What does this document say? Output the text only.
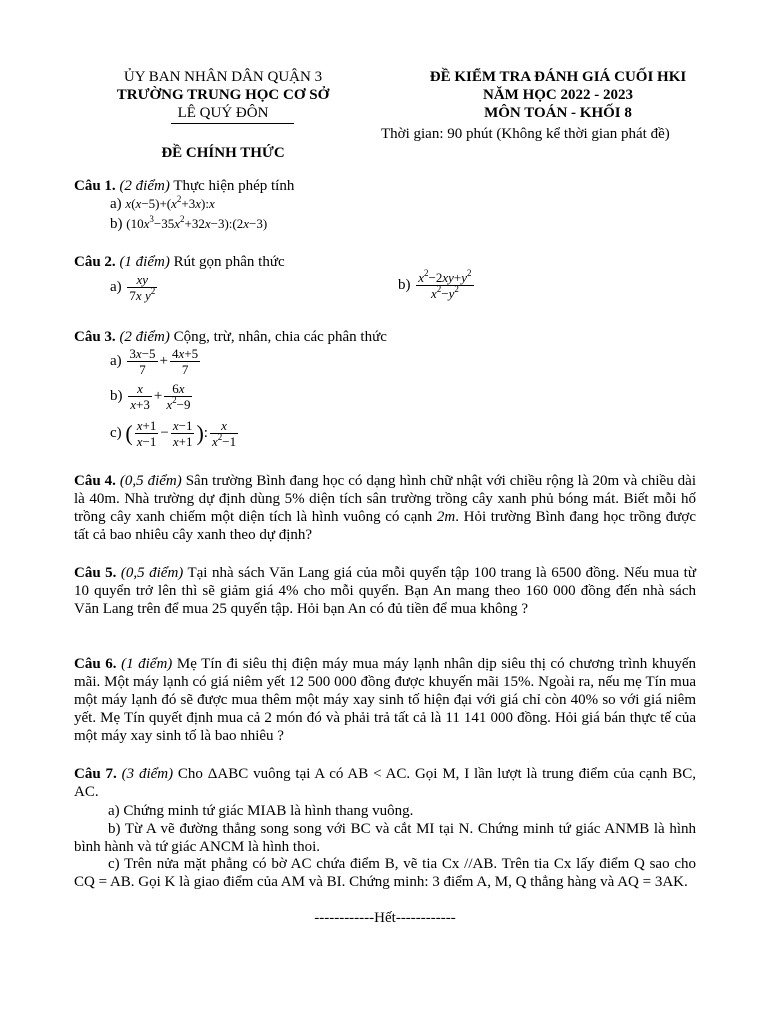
ỦY BAN NHÂN DÂN QUẬN 3
TRƯỜNG TRUNG HỌC CƠ SỞ
LÊ QUÝ ĐÔN
ĐỀ CHÍNH THỨC
ĐỀ KIỂM TRA ĐÁNH GIÁ CUỐI HKI
NĂM HỌC 2022 - 2023
MÔN TOÁN - KHỐI 8
Thời gian: 90 phút (Không kể thời gian phát đề)
Câu 1. (2 điểm) Thực hiện phép tính
a) $x(x-5)+(x^2+3x):x$
b) $(10x^3-35x^2+32x-3):(2x-3)$
Câu 2. (1 điểm) Rút gọn phân thức
$a) \frac{xy}{7x y^2}$	$b) \frac{x^2-2xy+y^2}{x^2-y^2}$
Câu 3. (2 điểm) Cộng, trừ, nhân, chia các phân thức
$a) \frac{3x-5}{7} + \frac{4x+5}{7}$
$b) \frac{x}{x+3} + \frac{6x}{x^2-9}$
c) ( $\frac{x+1}{x-1} - \frac{x-1}{x+1}$ ): $\frac{x}{x^2-1}$
Câu 4. (0,5 điểm) Sân trường Bình đang học có dạng hình chữ nhật với chiều rộng là 20m và chiều dài là 40m. Nhà trường dự định dùng 5% diện tích sân trường trồng cây xanh phủ bóng mát. Biết mỗi hố trồng cây xanh chiếm một diện tích là hình vuông có cạnh 2m. Hỏi trường Bình đang học trồng được tất cả bao nhiêu cây xanh theo dự định?
Câu 5. (0,5 điểm) Tại nhà sách Văn Lang giá của mỗi quyển tập 100 trang là 6500 đồng. Nếu mua từ 10 quyển trở lên thì sẽ giảm giá 4% cho mỗi quyển. Bạn An mang theo 160 000 đồng đến nhà sách Văn Lang trên để mua 25 quyển tập. Hỏi bạn An có đủ tiền để mua không ?
Câu 6. (1 điểm) Mẹ Tín đi siêu thị điện máy mua máy lạnh nhân dịp siêu thị có chương trình khuyến mãi. Một máy lạnh có giá niêm yết 12 500 000 đồng được khuyến mãi 15%. Ngoài ra, nếu mẹ Tín mua một máy lạnh đó sẽ được mua thêm một máy xay sinh tố hiện đại với giá chỉ còn 40% so với giá niêm yết. Mẹ Tín quyết định mua cả 2 món đó và phải trả tất cả là 11 141 000 đồng. Hỏi giá bán thực tế của một máy xay sinh tố là bao nhiêu ?
Câu 7. (3 điểm) Cho ΔABC vuông tại A có AB < AC. Gọi M, I lần lượt là trung điểm của cạnh BC, AC.
a) Chứng minh tứ giác MIAB là hình thang vuông.
b) Từ A vẽ đường thẳng song song với BC và cắt MI tại N. Chứng minh tứ giác ANMB là hình bình hành và tứ giác ANCM là hình thoi.
c) Trên nửa mặt phẳng có bờ AC chứa điểm B, vẽ tia Cx //AB. Trên tia Cx lấy điểm Q sao cho CQ = AB. Gọi K là giao điểm của AM và BI. Chứng minh: 3 điểm A, M, Q thẳng hàng và AQ = 3AK.
------------Hết------------
